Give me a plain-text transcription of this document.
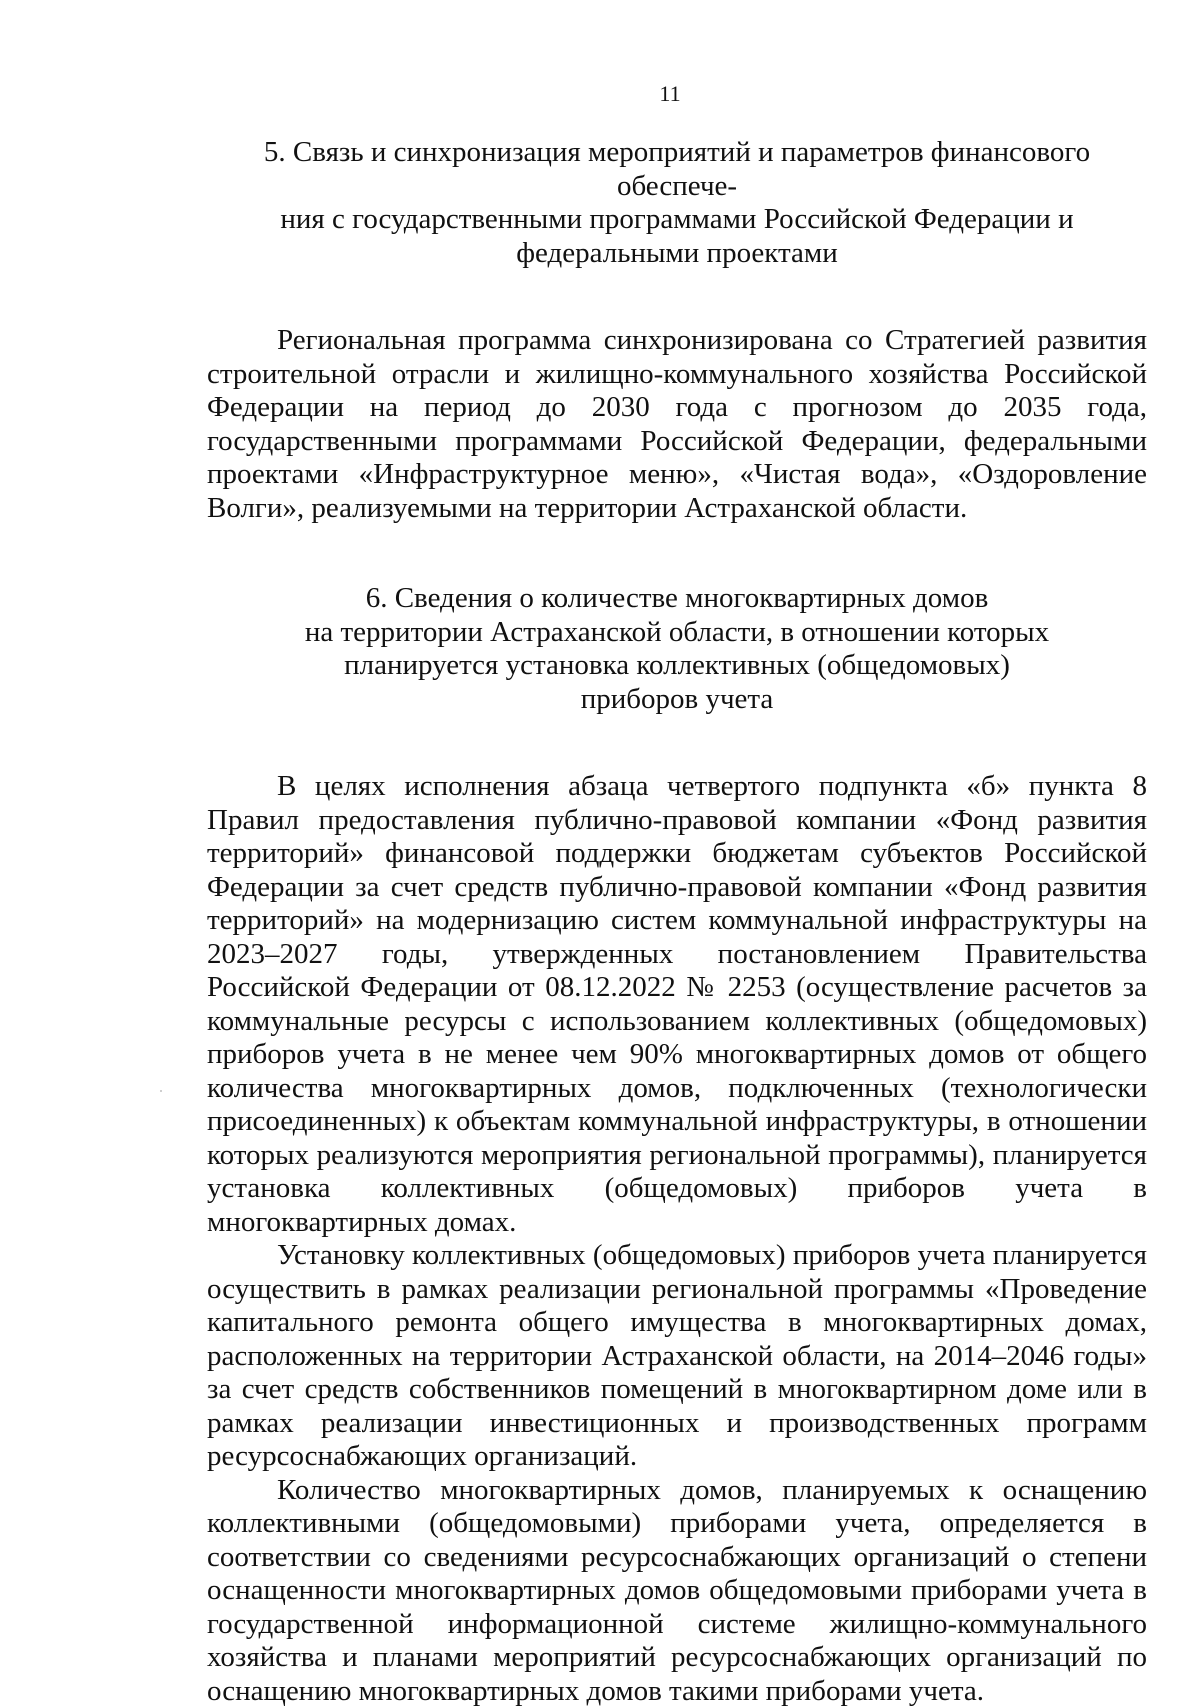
11
5. Связь и синхронизация мероприятий и параметров финансового обеспече-
ния с государственными программами Российской Федерации и
федеральными проектами

Региональная программа синхронизирована со Стратегией развития строительной отрасли и жилищно-коммунального хозяйства Российской Федерации на период до 2030 года с прогнозом до 2035 года, государственными программами Российской Федерации, федеральными проектами «Инфраструктурное меню», «Чистая вода», «Оздоровление Волги», реализуемыми на территории Астраханской области.

6. Сведения о количестве многоквартирных домов
на территории Астраханской области, в отношении которых
планируется установка коллективных (общедомовых)
приборов учета

В целях исполнения абзаца четвертого подпункта «б» пункта 8 Правил предоставления публично-правовой компании «Фонд развития территорий» финансовой поддержки бюджетам субъектов Российской Федерации за счет средств публично-правовой компании «Фонд развития территорий» на модернизацию систем коммунальной инфраструктуры на 2023–2027 годы, утвержденных постановлением Правительства Российской Федерации от 08.12.2022 № 2253 (осуществление расчетов за коммунальные ресурсы с использованием коллективных (общедомовых) приборов учета в не менее чем 90% многоквартирных домов от общего количества многоквартирных домов, подключенных (технологически присоединенных) к объектам коммунальной инфраструктуры, в отношении которых реализуются мероприятия региональной программы), планируется установка коллективных (общедомовых) приборов учета в многоквартирных домах.

Установку коллективных (общедомовых) приборов учета планируется осуществить в рамках реализации региональной программы «Проведение капитального ремонта общего имущества в многоквартирных домах, расположенных на территории Астраханской области, на 2014–2046 годы» за счет средств собственников помещений в многоквартирном доме или в рамках реализации инвестиционных и производственных программ ресурсоснабжающих организаций.

Количество многоквартирных домов, планируемых к оснащению коллективными (общедомовыми) приборами учета, определяется в соответствии со сведениями ресурсоснабжающих организаций о степени оснащенности многоквартирных домов общедомовыми приборами учета в государственной информационной системе жилищно-коммунального хозяйства и планами мероприятий ресурсоснабжающих организаций по оснащению многоквартирных домов такими приборами учета.
